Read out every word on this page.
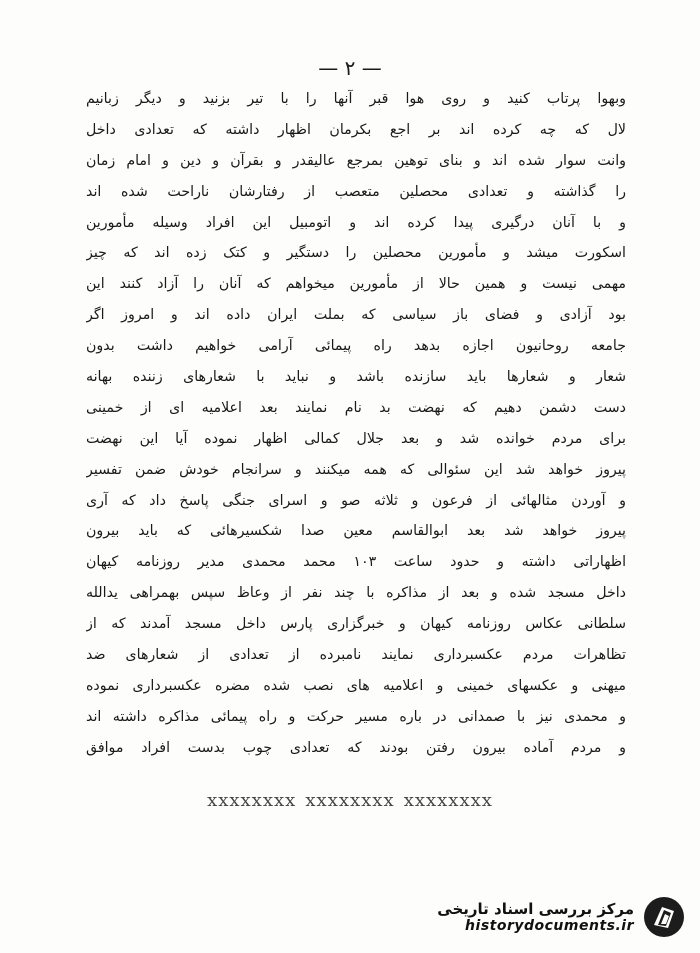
— ۲ —
وبهوا پرتاب کنید و روی هوا قبر آنها را با تیر بزنید و دیگر زبانیم
لال که چه کرده اند بر اجع بکرمان اظهار داشته که تعدادی داخل
وانت سوار شده اند و بنای توهین بمرجع عالیقدر و بقرآن و دین و امام زمان
را گذاشته و تعدادی محصلین متعصب از رفتارشان ناراحت شده اند
و با آنان درگیری پیدا کرده اند و اتومبیل این افراد وسیله مأمورین
اسکورت میشد و مأمورین محصلین را دستگیر و کتک زده اند که چیز
مهمی نیست و همین حالا از مأمورین میخواهم که آنان را آزاد کنند این
بود آزادی و فضای باز سیاسی که بملت ایران داده اند و امروز اگر
جامعه روحانیون اجازه بدهد راه پیمائی آرامی خواهیم داشت بدون
شعار و شعارها باید سازنده باشد و نباید با شعارهای زننده بهانه
دست دشمن دهیم که نهضت بد نام نمایند بعد اعلامیه ای از خمینی
برای مردم خوانده شد و بعد جلال کمالی اظهار نموده آیا این نهضت
پیروز خواهد شد این سئوالی که همه میکنند و سرانجام خودش ضمن تفسیر
و آوردن مثالهائی از فرعون و ثلاثه صو و اسرای جنگی پاسخ داد که آری
پیروز خواهد شد بعد ابوالقاسم معین صدا شکسیرهائی که باید بیرون
اظهاراتی داشته و حدود ساعت ۱۰۳ محمد محمدی مدیر روزنامه کیهان
داخل مسجد شده و بعد از مذاکره با چند نفر از وعاظ سپس بهمراهی یدالله
سلطانی عکاس روزنامه کیهان و خبرگزاری پارس داخل مسجد آمدند که از
تظاهرات مردم عکسبرداری نمایند نامبرده از تعدادی از شعارهای ضد
میهنی و عکسهای خمینی و اعلامیه های نصب شده مضره عکسبرداری نموده
و محمدی نیز با صمدانی در باره مسیر حرکت و راه پیمائی مذاکره داشته اند
و مردم آماده بیرون رفتن بودند که تعدادی چوب بدست افراد موافق
xxxxxxxx xxxxxxxx xxxxxxxx
مرکز بررسی اسناد تاریخی
historydocuments.ir
